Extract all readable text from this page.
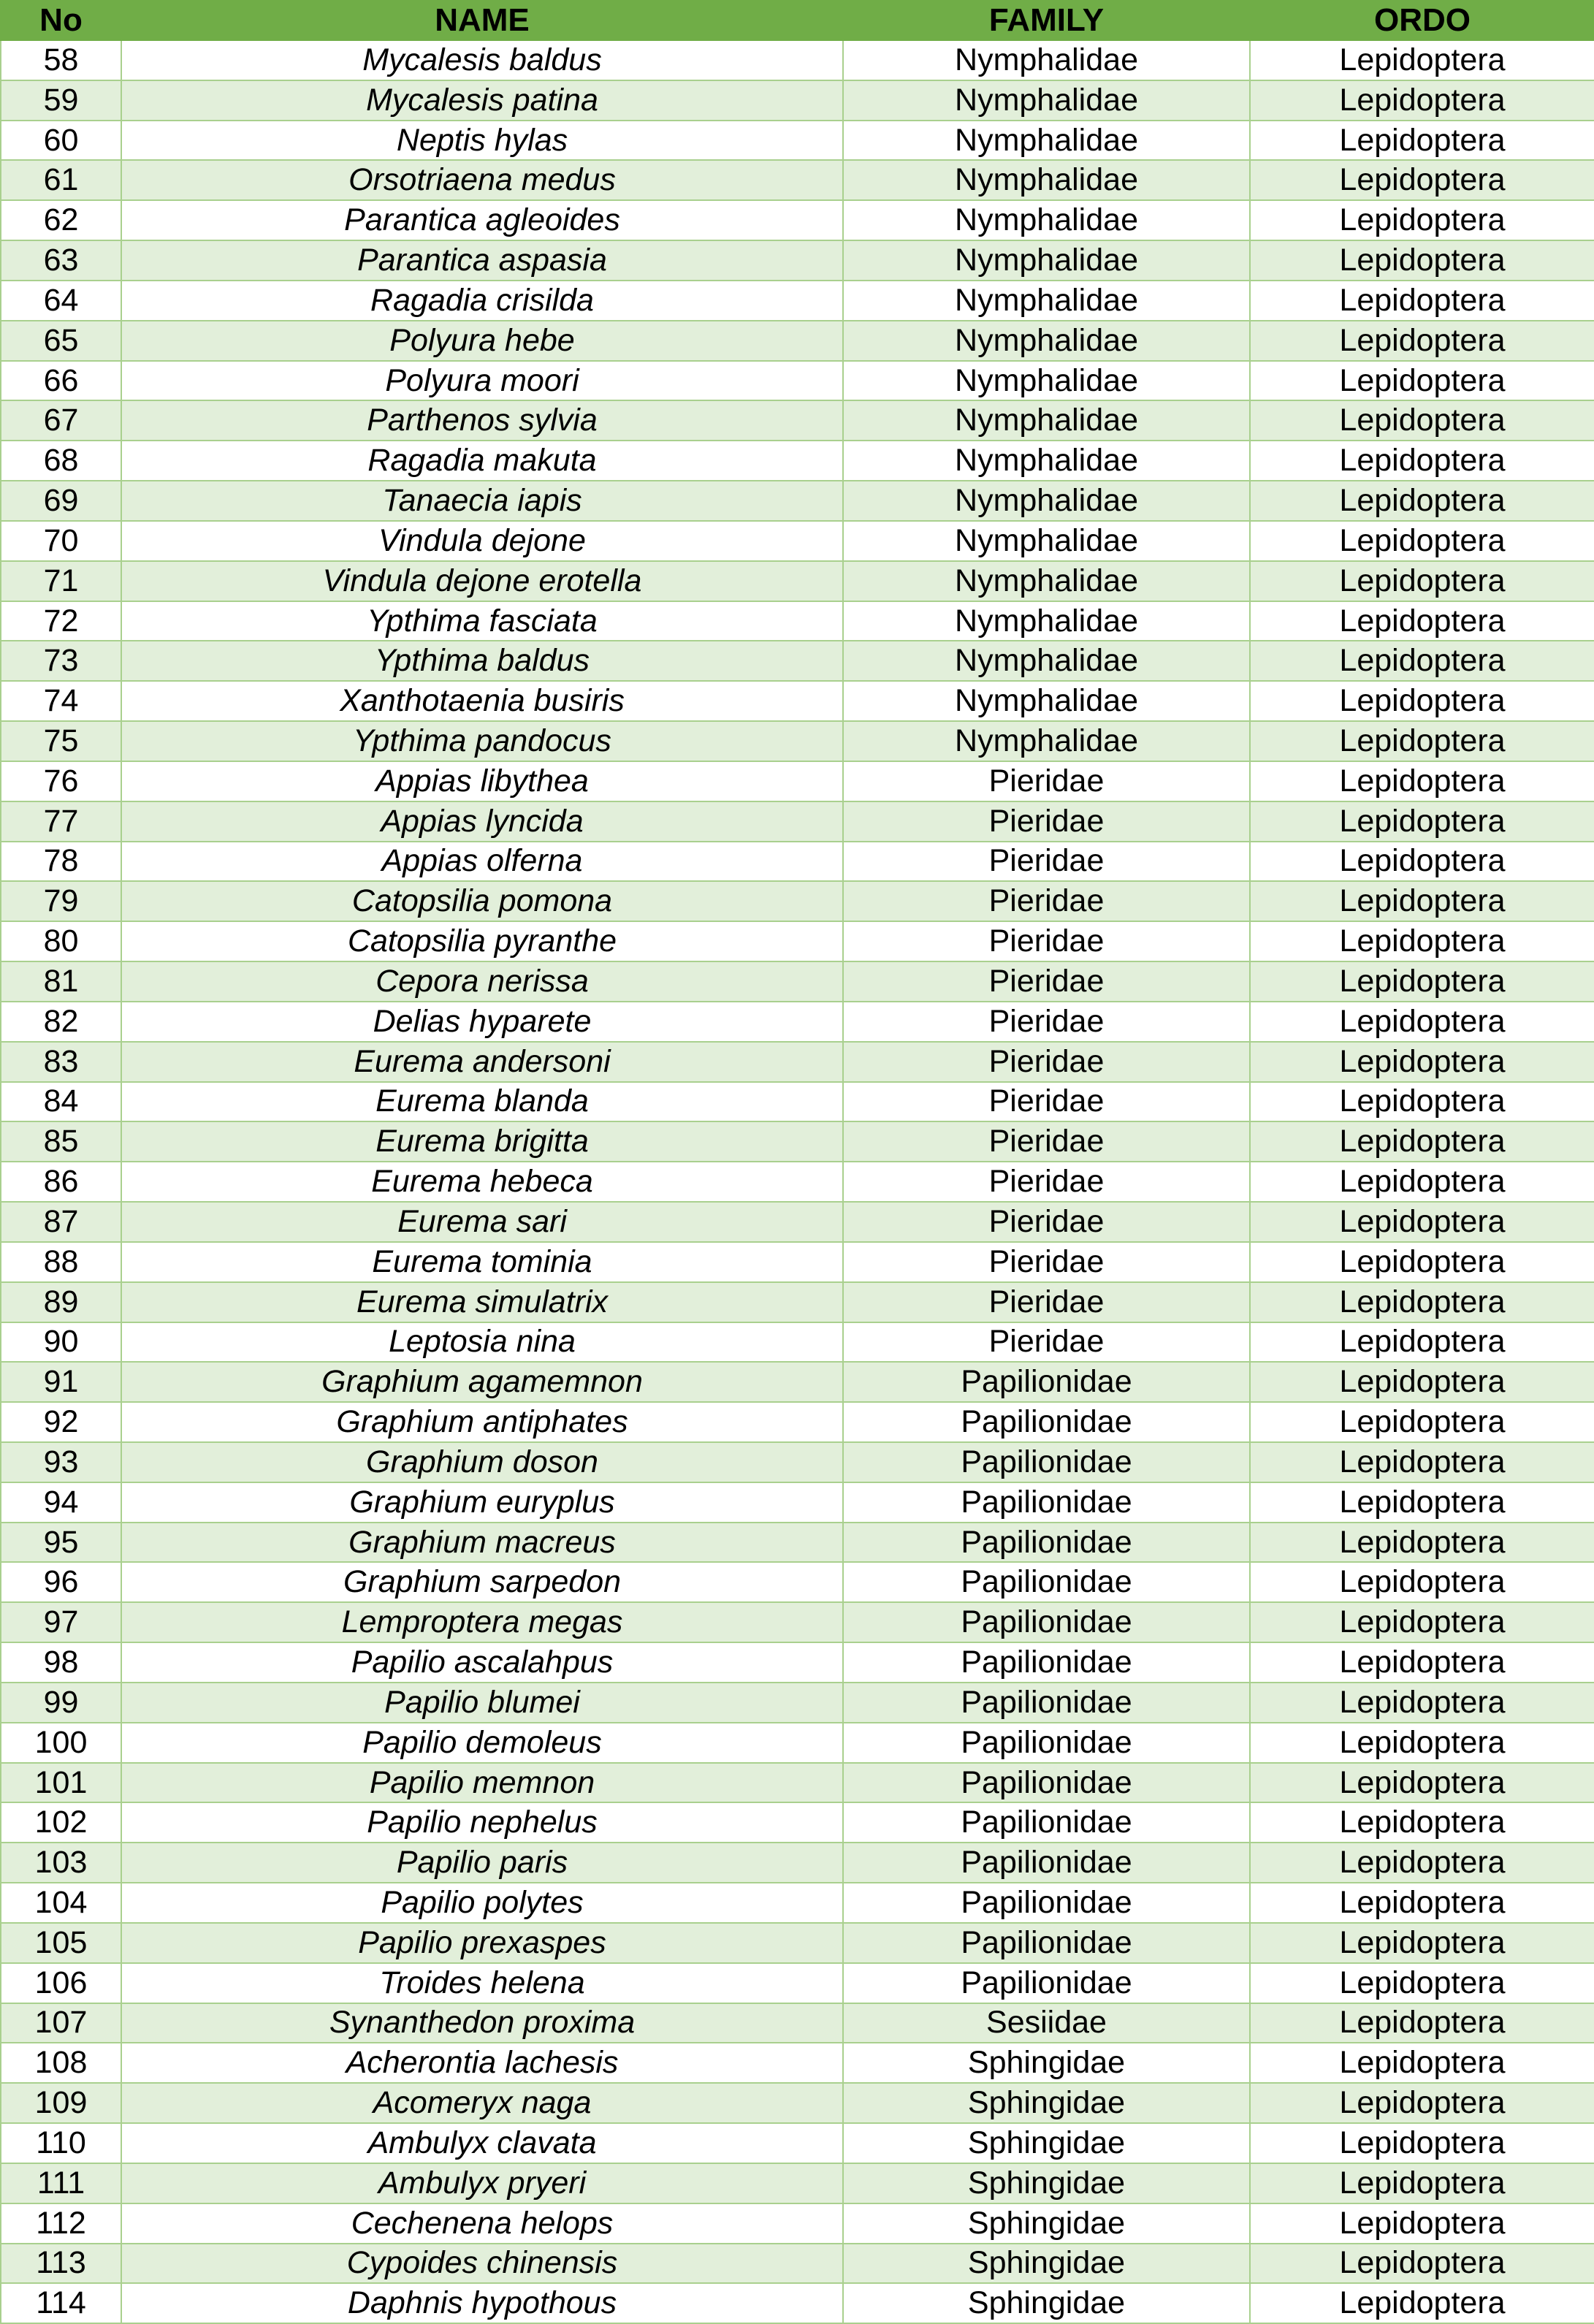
No	NAME	FAMILY	ORDO
58	Mycalesis baldus	Nymphalidae	Lepidoptera
59	Mycalesis patina	Nymphalidae	Lepidoptera
60	Neptis hylas	Nymphalidae	Lepidoptera
61	Orsotriaena medus	Nymphalidae	Lepidoptera
62	Parantica agleoides	Nymphalidae	Lepidoptera
63	Parantica aspasia	Nymphalidae	Lepidoptera
64	Ragadia crisilda	Nymphalidae	Lepidoptera
65	Polyura hebe	Nymphalidae	Lepidoptera
66	Polyura moori	Nymphalidae	Lepidoptera
67	Parthenos sylvia	Nymphalidae	Lepidoptera
68	Ragadia makuta	Nymphalidae	Lepidoptera
69	Tanaecia iapis	Nymphalidae	Lepidoptera
70	Vindula dejone	Nymphalidae	Lepidoptera
71	Vindula dejone erotella	Nymphalidae	Lepidoptera
72	Ypthima fasciata	Nymphalidae	Lepidoptera
73	Ypthima baldus	Nymphalidae	Lepidoptera
74	Xanthotaenia busiris	Nymphalidae	Lepidoptera
75	Ypthima pandocus	Nymphalidae	Lepidoptera
76	Appias libythea	Pieridae	Lepidoptera
77	Appias lyncida	Pieridae	Lepidoptera
78	Appias olferna	Pieridae	Lepidoptera
79	Catopsilia pomona	Pieridae	Lepidoptera
80	Catopsilia pyranthe	Pieridae	Lepidoptera
81	Cepora nerissa	Pieridae	Lepidoptera
82	Delias hyparete	Pieridae	Lepidoptera
83	Eurema andersoni	Pieridae	Lepidoptera
84	Eurema blanda	Pieridae	Lepidoptera
85	Eurema brigitta	Pieridae	Lepidoptera
86	Eurema hebeca	Pieridae	Lepidoptera
87	Eurema sari	Pieridae	Lepidoptera
88	Eurema tominia	Pieridae	Lepidoptera
89	Eurema simulatrix	Pieridae	Lepidoptera
90	Leptosia nina	Pieridae	Lepidoptera
91	Graphium agamemnon	Papilionidae	Lepidoptera
92	Graphium antiphates	Papilionidae	Lepidoptera
93	Graphium doson	Papilionidae	Lepidoptera
94	Graphium euryplus	Papilionidae	Lepidoptera
95	Graphium macreus	Papilionidae	Lepidoptera
96	Graphium sarpedon	Papilionidae	Lepidoptera
97	Lemproptera megas	Papilionidae	Lepidoptera
98	Papilio ascalahpus	Papilionidae	Lepidoptera
99	Papilio blumei	Papilionidae	Lepidoptera
100	Papilio demoleus	Papilionidae	Lepidoptera
101	Papilio memnon	Papilionidae	Lepidoptera
102	Papilio nephelus	Papilionidae	Lepidoptera
103	Papilio paris	Papilionidae	Lepidoptera
104	Papilio polytes	Papilionidae	Lepidoptera
105	Papilio prexaspes	Papilionidae	Lepidoptera
106	Troides helena	Papilionidae	Lepidoptera
107	Synanthedon proxima	Sesiidae	Lepidoptera
108	Acherontia lachesis	Sphingidae	Lepidoptera
109	Acomeryx naga	Sphingidae	Lepidoptera
110	Ambulyx clavata	Sphingidae	Lepidoptera
111	Ambulyx pryeri	Sphingidae	Lepidoptera
112	Cechenena helops	Sphingidae	Lepidoptera
113	Cypoides chinensis	Sphingidae	Lepidoptera
114	Daphnis hypothous	Sphingidae	Lepidoptera
